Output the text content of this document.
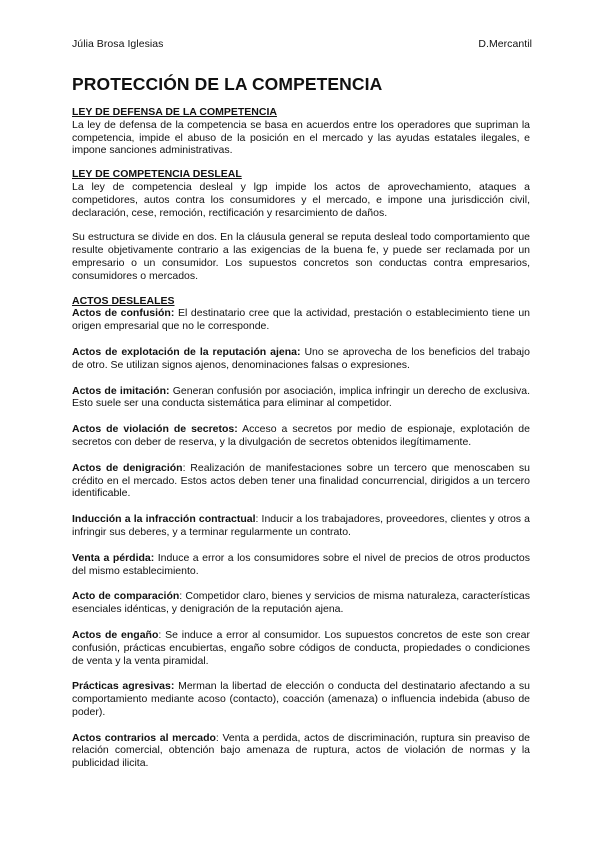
Júlia Brosa Iglesias	D.Mercantil
PROTECCIÓN DE LA COMPETENCIA

LEY DE DEFENSA DE LA COMPETENCIA

La ley de defensa de la competencia se basa en acuerdos entre los operadores que supriman la competencia, impide el abuso de la posición en el mercado y las ayudas estatales ilegales, e impone sanciones administrativas.

LEY DE COMPETENCIA DESLEAL

La ley de competencia desleal y lgp impide los actos de aprovechamiento, ataques a competidores, autos contra los consumidores y el mercado, e impone una jurisdicción civil, declaración, cese, remoción, rectificación y resarcimiento de daños.

Su estructura se divide en dos. En la cláusula general se reputa desleal todo comportamiento que resulte objetivamente contrario a las exigencias de la buena fe, y puede ser reclamada por un empresario o un consumidor. Los supuestos concretos son conductas contra empresarios, consumidores o mercados.

ACTOS DESLEALES

Actos de confusión: El destinatario cree que la actividad, prestación o establecimiento tiene un origen empresarial que no le corresponde.

Actos de explotación de la reputación ajena: Uno se aprovecha de los beneficios del trabajo de otro. Se utilizan signos ajenos, denominaciones falsas o expresiones.

Actos de imitación: Generan confusión por asociación, implica infringir un derecho de exclusiva. Esto suele ser una conducta sistemática para eliminar al competidor.

Actos de violación de secretos: Acceso a secretos por medio de espionaje, explotación de secretos con deber de reserva, y la divulgación de secretos obtenidos ilegítimamente.

Actos de denigración: Realización de manifestaciones sobre un tercero que menoscaben su crédito en el mercado. Estos actos deben tener una finalidad concurrencial, dirigidos a un tercero identificable.

Inducción a la infracción contractual: Inducir a los trabajadores, proveedores, clientes y otros a infringir sus deberes, y a terminar regularmente un contrato.

Venta a pérdida: Induce a error a los consumidores sobre el nivel de precios de otros productos del mismo establecimiento.

Acto de comparación: Competidor claro, bienes y servicios de misma naturaleza, características esenciales idénticas, y denigración de la reputación ajena.

Actos de engaño: Se induce a error al consumidor. Los supuestos concretos de este son crear confusión, prácticas encubiertas, engaño sobre códigos de conducta, propiedades o condiciones de venta y la venta piramidal.

Prácticas agresivas: Merman la libertad de elección o conducta del destinatario afectando a su comportamiento mediante acoso (contacto), coacción (amenaza) o influencia indebida (abuso de poder).

Actos contrarios al mercado: Venta a perdida, actos de discriminación, ruptura sin preaviso de relación comercial, obtención bajo amenaza de ruptura, actos de violación de normas y la publicidad ilicita.
